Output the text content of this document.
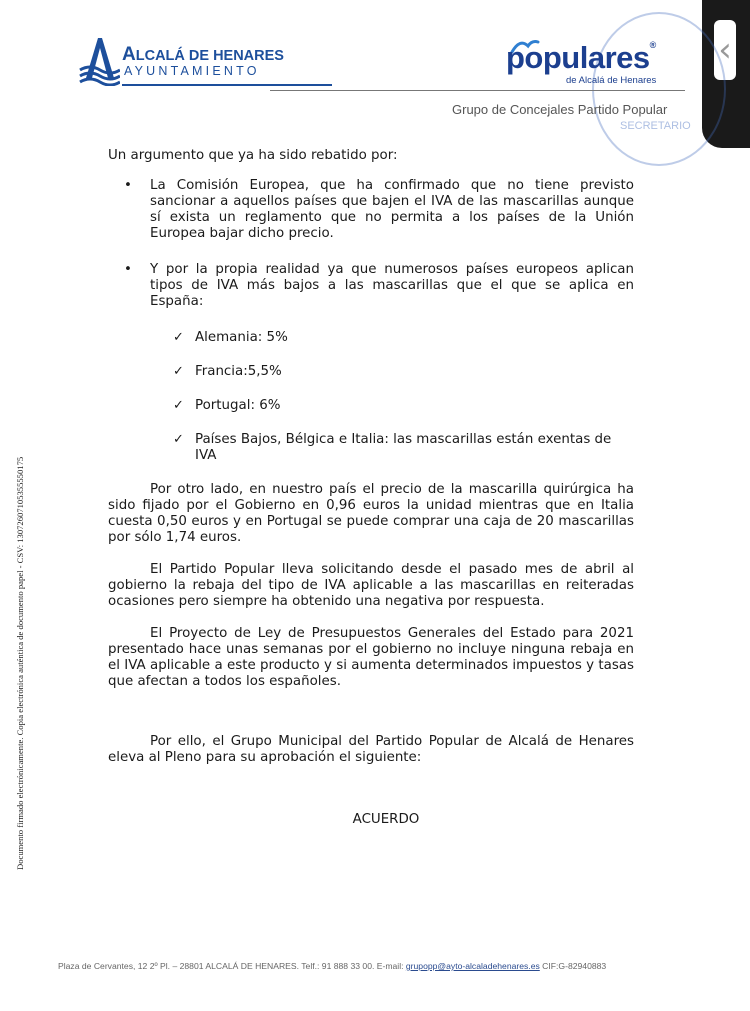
‹
SECRETARIO
ALCALÁ DE HENARES
AYUNTAMIENTO	populares®
de Alcalá de Henares
Grupo de Concejales Partido Popular
Documento firmado electrónicamente. Copia electrónica auténtica de documento papel - CSV: 13072607105355550175

Un argumento que ya ha sido rebatido por:

• La Comisión Europea, que ha confirmado que no tiene previsto sancionar a aquellos países que bajen el IVA de las mascarillas aunque sí exista un reglamento que no permita a los países de la Unión Europea bajar dicho precio.
• Y por la propia realidad ya que numerosos países europeos aplican tipos de IVA más bajos a las mascarillas que el que se aplica en España:
✓ Alemania: 5%
✓ Francia:5,5%
✓ Portugal: 6%
✓ Países Bajos, Bélgica e Italia: las mascarillas están exentas de IVA

Por otro lado, en nuestro país el precio de la mascarilla quirúrgica ha sido fijado por el Gobierno en 0,96 euros la unidad mientras que en Italia cuesta 0,50 euros y en Portugal se puede comprar una caja de 20 mascarillas por sólo 1,74 euros.

El Partido Popular lleva solicitando desde el pasado mes de abril al gobierno la rebaja del tipo de IVA aplicable a las mascarillas en reiteradas ocasiones pero siempre ha obtenido una negativa por respuesta.

El Proyecto de Ley de Presupuestos Generales del Estado para 2021 presentado hace unas semanas por el gobierno no incluye ninguna rebaja en el IVA aplicable a este producto y si aumenta determinados impuestos y tasas que afectan a todos los españoles.

Por ello, el Grupo Municipal del Partido Popular de Alcalá de Henares eleva al Pleno para su aprobación el siguiente:

ACUERDO
Plaza de Cervantes, 12 2º Pl. – 28801 ALCALÁ DE HENARES. Telf.: 91 888 33 00. E-mail: grupopp@ayto-alcaladehenares.es CIF:G-82940883
